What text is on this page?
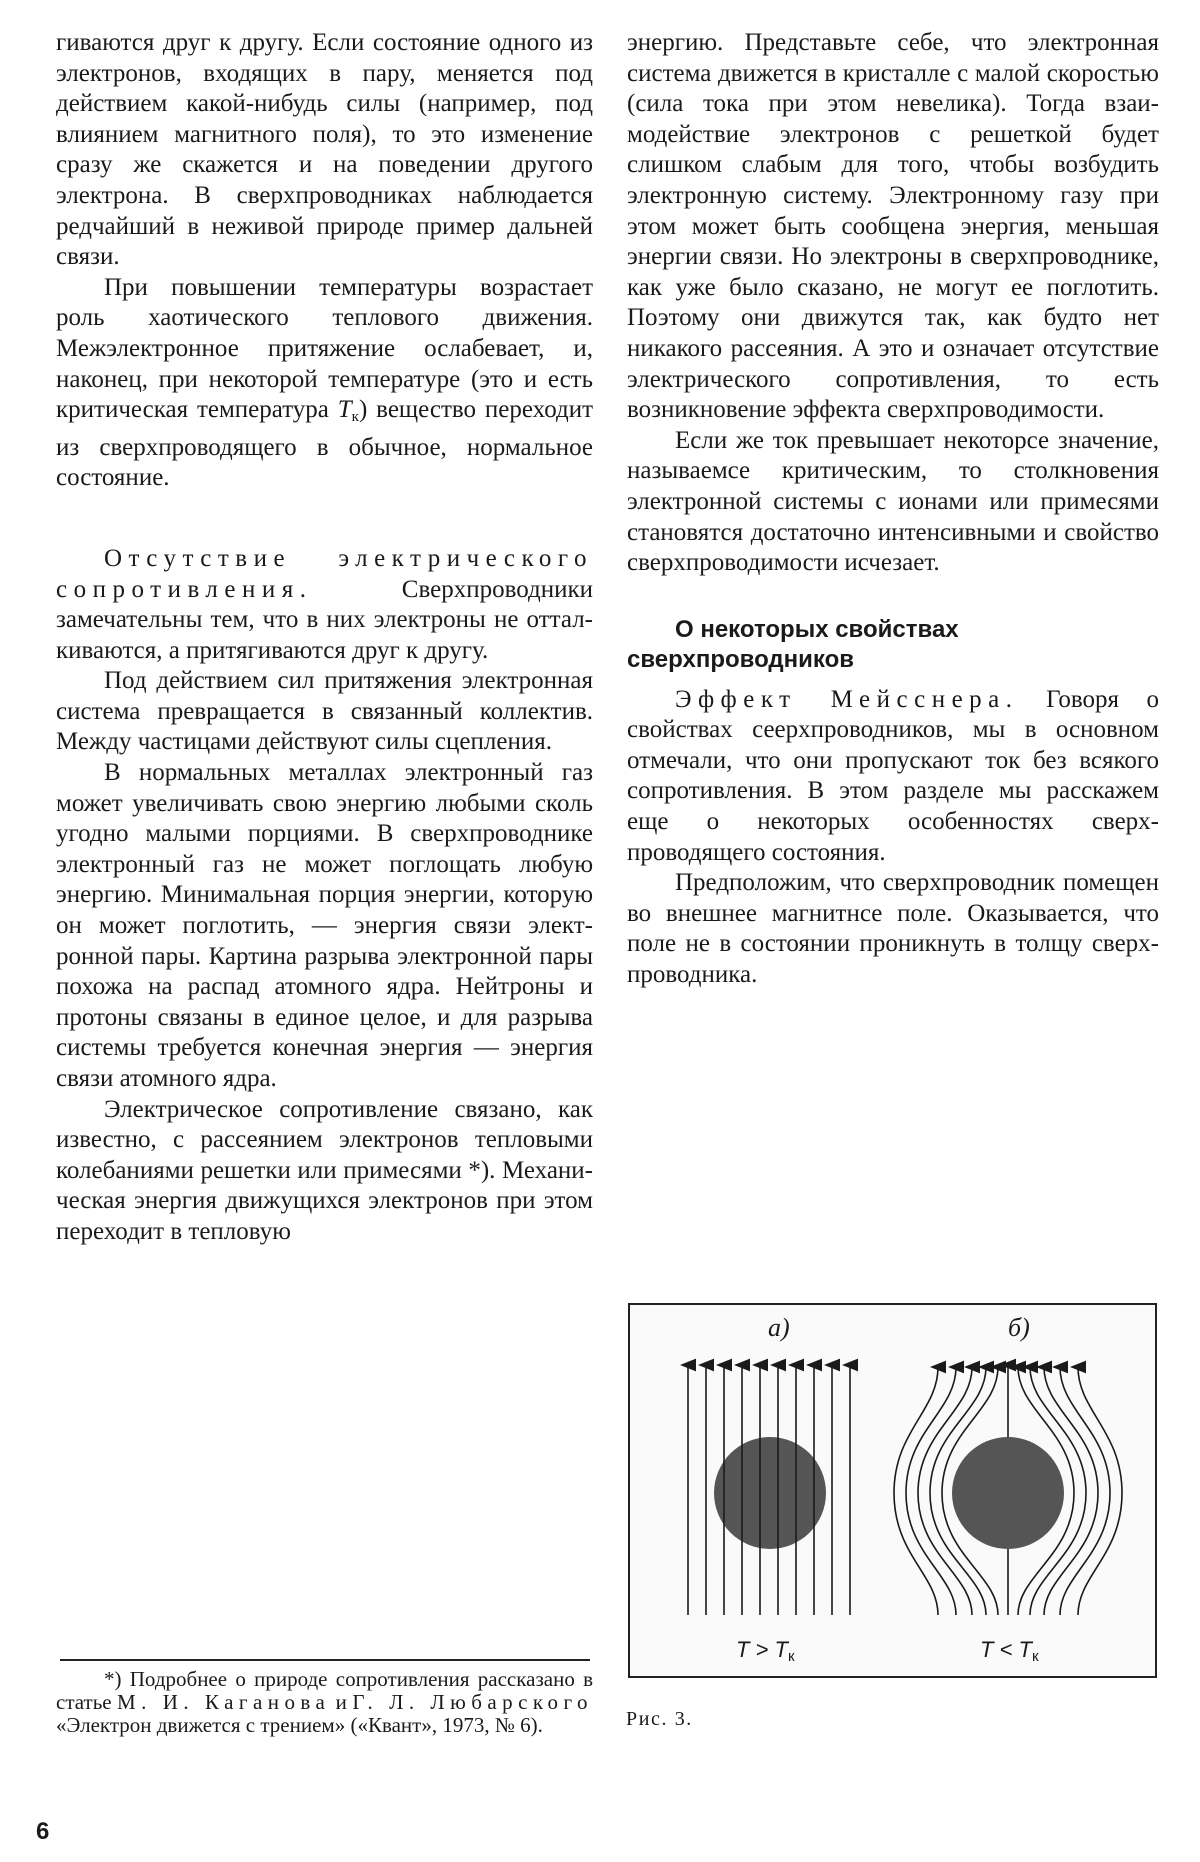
гиваются друг к другу. Если состояние одного из электронов, входящих в пару, меняется под действием какой-нибудь силы (например, под влиянием магнитного поля), то это изменение сразу же скажется и на поведении другого электрона. В сверхпроводниках наблюдается редчайший в неживой природе пример дальней связи.

При повышении температуры возрастает роль хаотического теплового движения. Межэлектронное притяжение ослабевает, и, наконец, при некоторой температуре (это и есть критическая температура $T_к$) вещество переходит из сверхпроводящего в обычное, нормальное состояние.

Отсутствие электрического сопротивления. Сверхпроводники замечательны тем, что в них электроны не отталкиваются, а притягиваются друг к другу.

Под действием сил притяжения электронная система превращается в связанный коллектив. Между частицами действуют силы сцепления.

В нормальных металлах электронный газ может увеличивать свою энергию любыми сколь угодно малыми порциями. В сверхпроводнике электронный газ не может поглощать любую энергию. Минимальная порция энергии, которую он может поглотить, — энергия связи электронной пары. Картина разрыва электронной пары похожа на распад атомного ядра. Нейтроны и протоны связаны в единое целое, и для разрыва системы требуется конечная энергия — энергия связи атомного ядра.

Электрическое сопротивление связано, как известно, с рассеянием электронов тепловыми колебаниями решетки или примесями *). Механическая энергия движущихся электронов при этом переходит в тепловую

энергию. Представьте себе, что электронная система движется в кристалле с малой скоростью (сила тока при этом невелика). Тогда взаимодействие электронов с решеткой будет слишком слабым для того, чтобы возбудить электронную систему. Электронному газу при этом может быть сообщена энергия, меньшая энергии связи. Но электроны в сверхпроводнике, как уже было сказано, не могут ее поглотить. Поэтому они движутся так, как будто нет никакого рассеяния. А это и означает отсутствие электрического сопротивления, то есть возникновение эффекта сверхпроводимости.

Если же ток превышает некоторсе значение, называемсе критическим, то столкновения электронной системы с ионами или примесями становятся достаточно интенсивными и свойство сверхпроводимости исчезает.

О некоторых свойствах сверхпроводников

Эффект Мейсснера. Говоря о свойствах сеерхпроводников, мы в основном отмечали, что они пропускают ток без всякого сопротивления. В этом разделе мы расскажем еще о некоторых особенностях сверхпроводящего состояния.

Предположим, что сверхпроводник помещен во внешнее магнитнсе поле. Оказывается, что поле не в состоянии проникнуть в толщу сверхпроводника.

*) Подробнее о природе сопротивления рассказано в статье М. И. Каганова и Г. Л. Любарского «Электрон движется с трением» («Квант», 1973, № 6).

а)	б)
$T > T_к$	$T < T_к$
Рис. 3.
6
